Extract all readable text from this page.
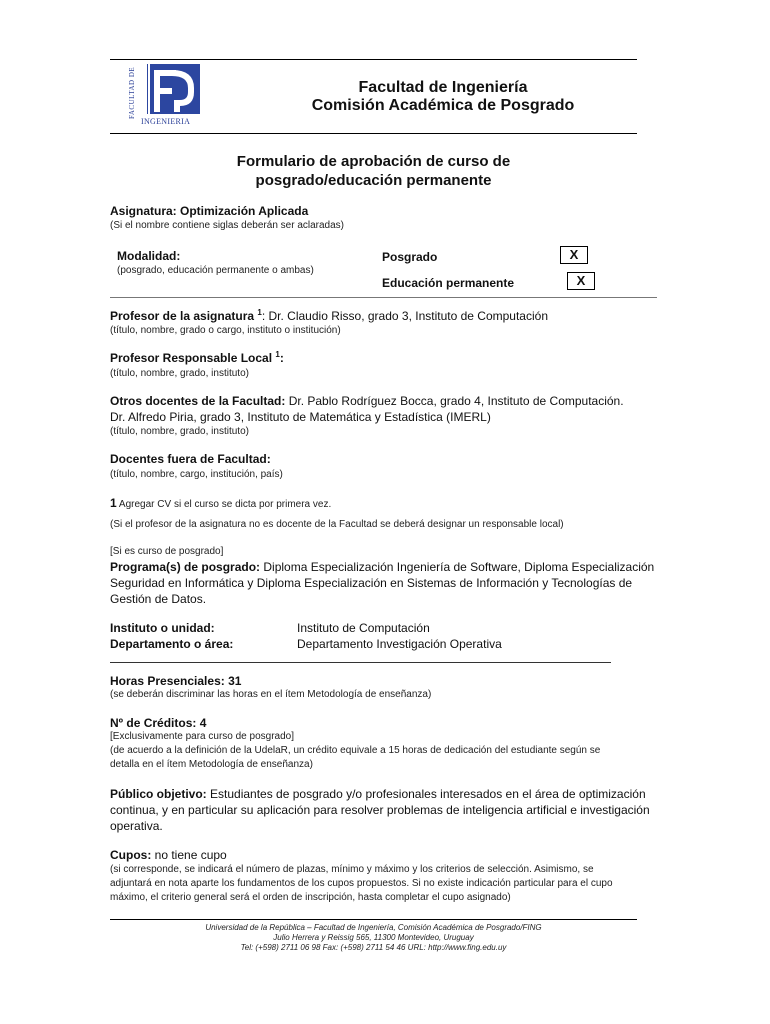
FACULTAD DE
INGENIERIA
Facultad de Ingeniería
Comisión Académica de Posgrado
Formulario de aprobación de curso de
posgrado/educación permanente
Asignatura: Optimización Aplicada
(Si el nombre contiene siglas deberán ser aclaradas)
Modalidad:
(posgrado, educación permanente o ambas)
Posgrado	X
Educación permanente	X
Profesor de la asignatura $^1$: Dr. Claudio Risso, grado 3, Instituto de Computación
(título, nombre, grado o cargo, instituto o institución)
Profesor Responsable Local $^1$:
(título, nombre, grado, instituto)
Otros docentes de la Facultad: Dr. Pablo Rodríguez Bocca, grado 4, Instituto de Computación.
Dr. Alfredo Piria, grado 3, Instituto de Matemática y Estadística (IMERL)
(título, nombre, grado, instituto)
Docentes fuera de Facultad:
(título, nombre, cargo, institución, país)
1 Agregar CV si el curso se dicta por primera vez.
(Si el profesor de la asignatura no es docente de la Facultad se deberá designar un responsable local)
[Si es curso de posgrado]
Programa(s) de posgrado: Diploma Especialización Ingeniería de Software, Diploma Especialización
Seguridad en Informática y Diploma Especialización en Sistemas de Información y Tecnologías de
Gestión de Datos.
Instituto o unidad:	Instituto de Computación
Departamento o área:	Departamento Investigación Operativa
Horas Presenciales: 31
(se deberán discriminar las horas en el ítem Metodología de enseñanza)
Nº de Créditos: 4
[Exclusivamente para curso de posgrado]
(de acuerdo a la definición de la UdelaR, un crédito equivale a 15 horas de dedicación del estudiante según se
detalla en el ítem Metodología de enseñanza)
Público objetivo: Estudiantes de posgrado y/o profesionales interesados en el área de optimización
continua, y en particular su aplicación para resolver problemas de inteligencia artificial e investigación
operativa.
Cupos: no tiene cupo
(si corresponde, se indicará el número de plazas, mínimo y máximo y los criterios de selección. Asimismo, se
adjuntará en nota aparte los fundamentos de los cupos propuestos. Si no existe indicación particular para el cupo
máximo, el criterio general será el orden de inscripción, hasta completar el cupo asignado)
Universidad de la República – Facultad de Ingeniería, Comisión Académica de Posgrado/FING
Julio Herrera y Reissig 565, 11300 Montevideo, Uruguay
Tel: (+598) 2711 06 98 Fax: (+598) 2711 54 46 URL: http://www.fing.edu.uy
